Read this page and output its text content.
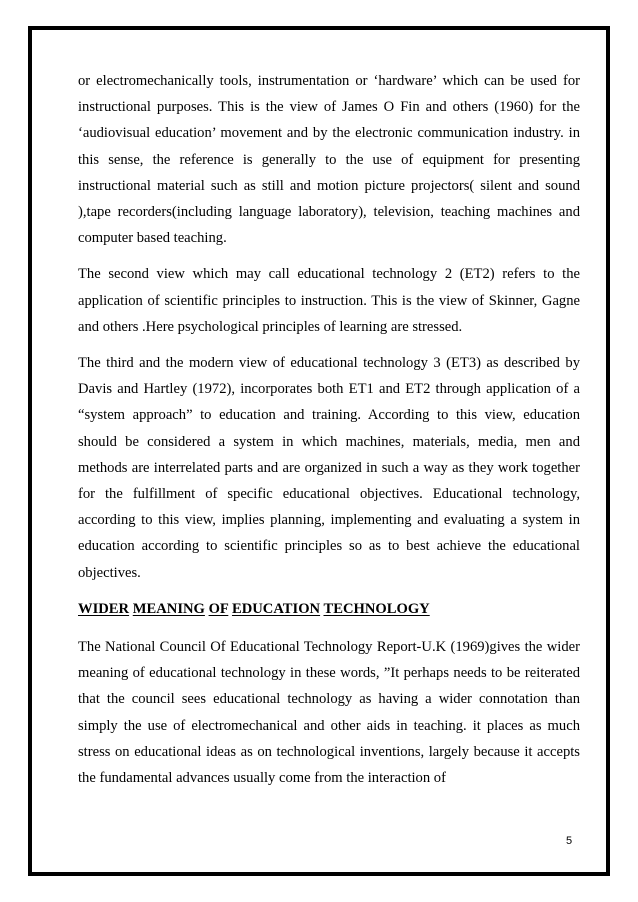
or electromechanically tools, instrumentation or ‘hardware’ which can be used for instructional purposes. This is the view of James O Fin and others (1960) for the ‘audiovisual education’ movement and by the electronic communication industry. in this sense, the reference is generally to the use of equipment for presenting instructional material such as still and motion picture projectors( silent and sound ),tape recorders(including language laboratory), television, teaching machines and computer based teaching.

The second view which may call educational technology 2 (ET2) refers to the application of scientific principles to instruction. This is the view of Skinner, Gagne and others .Here psychological principles of learning are stressed.

The third and the modern view of educational technology 3 (ET3) as described by Davis and Hartley (1972), incorporates both ET1 and ET2 through application of a “system approach” to education and training. According to this view, education should be considered a system in which machines, materials, media, men and methods are interrelated parts and are organized in such a way as they work together for the fulfillment of specific educational objectives. Educational technology, according to this view, implies planning, implementing and evaluating a system in education according to scientific principles so as to best achieve the educational objectives.

WIDER MEANING OF EDUCATION TECHNOLOGY

The National Council Of Educational Technology Report-U.K (1969)gives the wider meaning of educational technology in these words, ”It perhaps needs to be reiterated that the council sees educational technology as having a wider connotation than simply the use of electromechanical and other aids in teaching. it places as much stress on educational ideas as on technological inventions, largely because it accepts the fundamental advances usually come from the interaction of

5
